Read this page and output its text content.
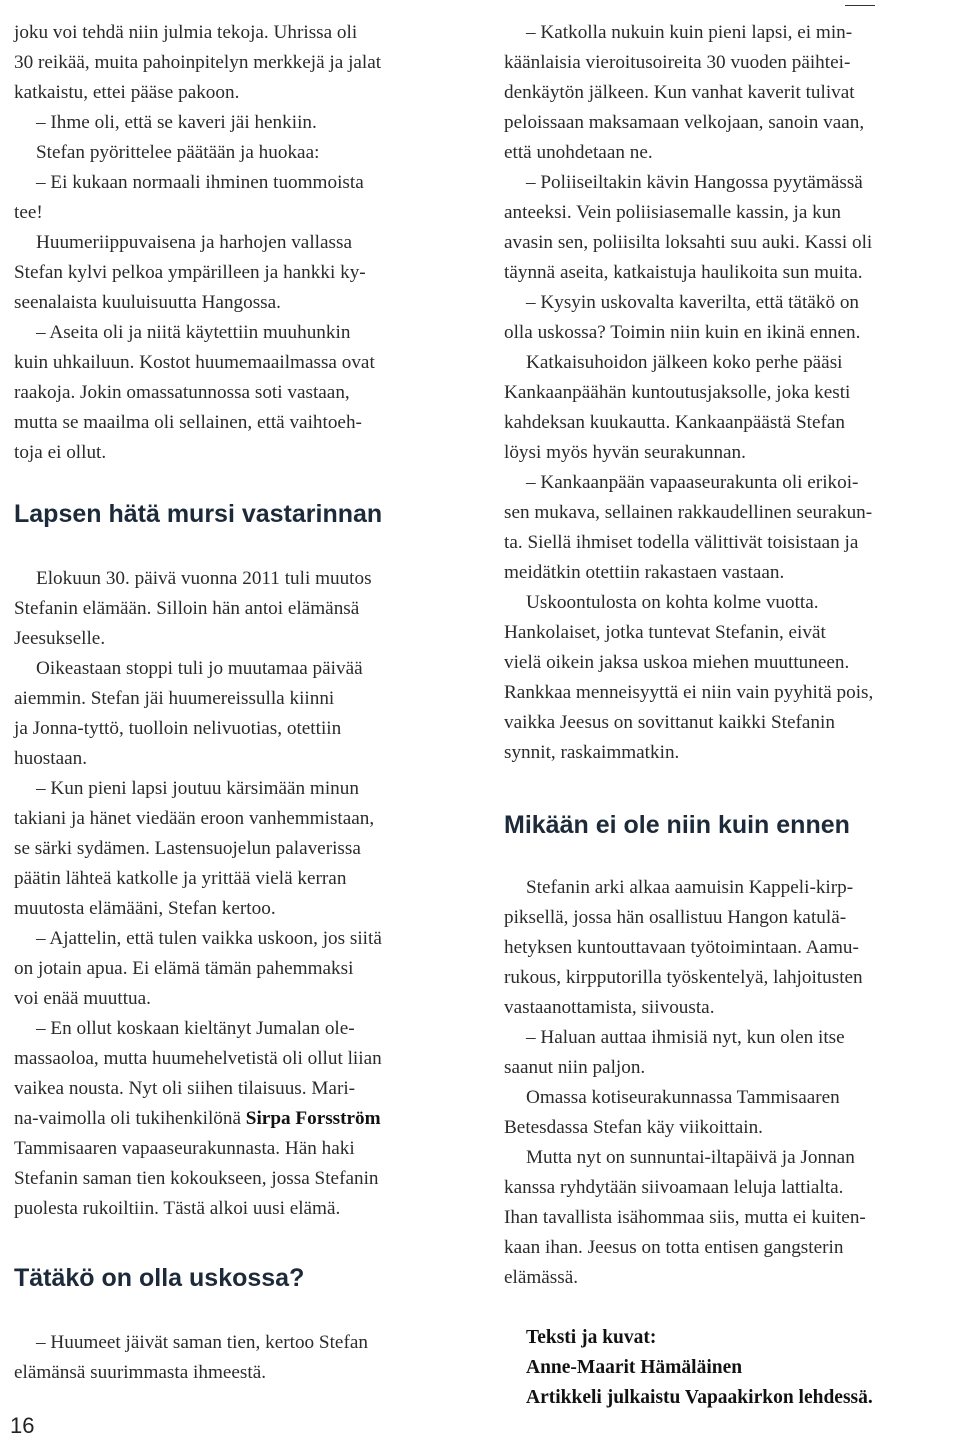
joku voi tehdä niin julmia tekoja. Uhrissa oli
30 reikää, muita pahoinpitelyn merkkejä ja jalat
katkaistu, ettei pääse pakoon.
– Ihme oli, että se kaveri jäi henkiin.
Stefan pyörittelee päätään ja huokaa:
– Ei kukaan normaali ihminen tuommoista
tee!
Huumeriippuvaisena ja harhojen vallassa
Stefan kylvi pelkoa ympärilleen ja hankki ky-
seenalaista kuuluisuutta Hangossa.
– Aseita oli ja niitä käytettiin muuhunkin
kuin uhkailuun. Kostot huumemaailmassa ovat
raakoja. Jokin omassatunnossa soti vastaan,
mutta se maailma oli sellainen, että vaihtoeh-
toja ei ollut.
Lapsen hätä mursi vastarinnan
Elokuun 30. päivä vuonna 2011 tuli muutos
Stefanin elämään. Silloin hän antoi elämänsä
Jeesukselle.
Oikeastaan stoppi tuli jo muutamaa päivää
aiemmin. Stefan jäi huumereissulla kiinni
ja Jonna-tyttö, tuolloin nelivuotias, otettiin
huostaan.
– Kun pieni lapsi joutuu kärsimään minun
takiani ja hänet viedään eroon vanhemmistaan,
se särki sydämen. Lastensuojelun palaverissa
päätin lähteä katkolle ja yrittää vielä kerran
muutosta elämääni, Stefan kertoo.
– Ajattelin, että tulen vaikka uskoon, jos siitä
on jotain apua. Ei elämä tämän pahemmaksi
voi enää muuttua.
– En ollut koskaan kieltänyt Jumalan ole-
massaoloa, mutta huumehelvetistä oli ollut liian
vaikea nousta. Nyt oli siihen tilaisuus. Mari-
na-vaimolla oli tukihenkilönä Sirpa Forsström
Tammisaaren vapaaseurakunnasta. Hän haki
Stefanin saman tien kokoukseen, jossa Stefanin
puolesta rukoiltiin. Tästä alkoi uusi elämä.
Tätäkö on olla uskossa?
– Huumeet jäivät saman tien, kertoo Stefan
elämänsä suurimmasta ihmeestä.
– Katkolla nukuin kuin pieni lapsi, ei min-
käänlaisia vieroitusoireita 30 vuoden päihtei-
denkäytön jälkeen. Kun vanhat kaverit tulivat
peloissaan maksamaan velkojaan, sanoin vaan,
että unohdetaan ne.
– Poliiseiltakin kävin Hangossa pyytämässä
anteeksi. Vein poliisiasemalle kassin, ja kun
avasin sen, poliisilta loksahti suu auki. Kassi oli
täynnä aseita, katkaistuja haulikoita sun muita.
– Kysyin uskovalta kaverilta, että tätäkö on
olla uskossa? Toimin niin kuin en ikinä ennen.
Katkaisuhoidon jälkeen koko perhe pääsi
Kankaanpäähän kuntoutusjaksolle, joka kesti
kahdeksan kuukautta. Kankaanpäästä Stefan
löysi myös hyvän seurakunnan.
– Kankaanpään vapaaseurakunta oli erikoi-
sen mukava, sellainen rakkaudellinen seurakun-
ta. Siellä ihmiset todella välittivät toisistaan ja
meidätkin otettiin rakastaen vastaan.
Uskoontulosta on kohta kolme vuotta.
Hankolaiset, jotka tuntevat Stefanin, eivät
vielä oikein jaksa uskoa miehen muuttuneen.
Rankkaa menneisyyttä ei niin vain pyyhitä pois,
vaikka Jeesus on sovittanut kaikki Stefanin
synnit, raskaimmatkin.
Mikään ei ole niin kuin ennen
Stefanin arki alkaa aamuisin Kappeli-kirp-
piksellä, jossa hän osallistuu Hangon katulä-
hetyksen kuntouttavaan työtoimintaan. Aamu-
rukous, kirpputorilla työskentelyä, lahjoitusten
vastaanottamista, siivousta.
– Haluan auttaa ihmisiä nyt, kun olen itse
saanut niin paljon.
Omassa kotiseurakunnassa Tammisaaren
Betesdassa Stefan käy viikoittain.
Mutta nyt on sunnuntai-iltapäivä ja Jonnan
kanssa ryhdytään siivoamaan leluja lattialta.
Ihan tavallista isähommaa siis, mutta ei kuiten-
kaan ihan. Jeesus on totta entisen gangsterin
elämässä.
Teksti ja kuvat:
Anne-Maarit Hämäläinen
Artikkeli julkaistu Vapaakirkon lehdessä.
16
